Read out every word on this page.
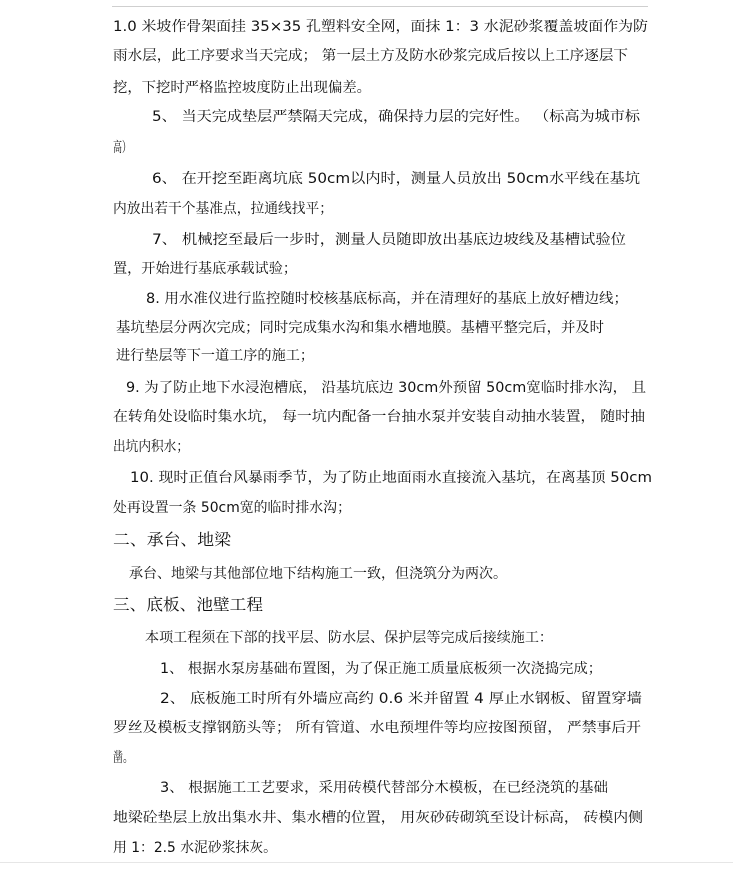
1.0 米坡作骨架面挂 35×35 孔塑料安全网，面抹 1：3 水泥砂浆覆盖坡面作为防
雨水层，此工序要求当天完成； 第一层土方及防水砂浆完成后按以上工序逐层下
挖，下挖时严格监控坡度防止出现偏差。
5、 当天完成垫层严禁隔天完成，确保持力层的完好性。 （标高为城市标
高）
6、 在开挖至距离坑底 50cm以内时，测量人员放出 50cm水平线在基坑
内放出若干个基准点，拉通线找平；
7、 机械挖至最后一步时，测量人员随即放出基底边坡线及基槽试验位
置，开始进行基底承载试验；
8. 用水准仪进行监控随时校核基底标高，并在清理好的基底上放好槽边线；
基坑垫层分两次完成；同时完成集水沟和集水槽地膜。基槽平整完后，并及时
进行垫层等下一道工序的施工；
9. 为了防止地下水浸泡槽底， 沿基坑底边 30cm外预留 50cm宽临时排水沟， 且
在转角处设临时集水坑， 每一坑内配备一台抽水泵并安装自动抽水装置， 随时抽
出坑内积水；
10. 现时正值台风暴雨季节，为了防止地面雨水直接流入基坑，在离基顶 50cm
处再设置一条 50cm宽的临时排水沟；
二、承台、地梁
承台、地梁与其他部位地下结构施工一致，但浇筑分为两次。
三、底板、池壁工程
本项工程须在下部的找平层、防水层、保护层等完成后接续施工：
1、 根据水泵房基础布置图，为了保正施工质量底板须一次浇捣完成；
2、 底板施工时所有外墙应高约 0.6 米并留置 4 厚止水钢板、留置穿墙
罗丝及模板支撑钢筋头等； 所有管道、水电预埋件等均应按图预留， 严禁事后开
凿。
3、 根据施工工艺要求，采用砖模代替部分木模板，在已经浇筑的基础
地梁砼垫层上放出集水井、集水槽的位置， 用灰砂砖砌筑至设计标高， 砖模内侧
用 1：2.5 水泥砂浆抹灰。
